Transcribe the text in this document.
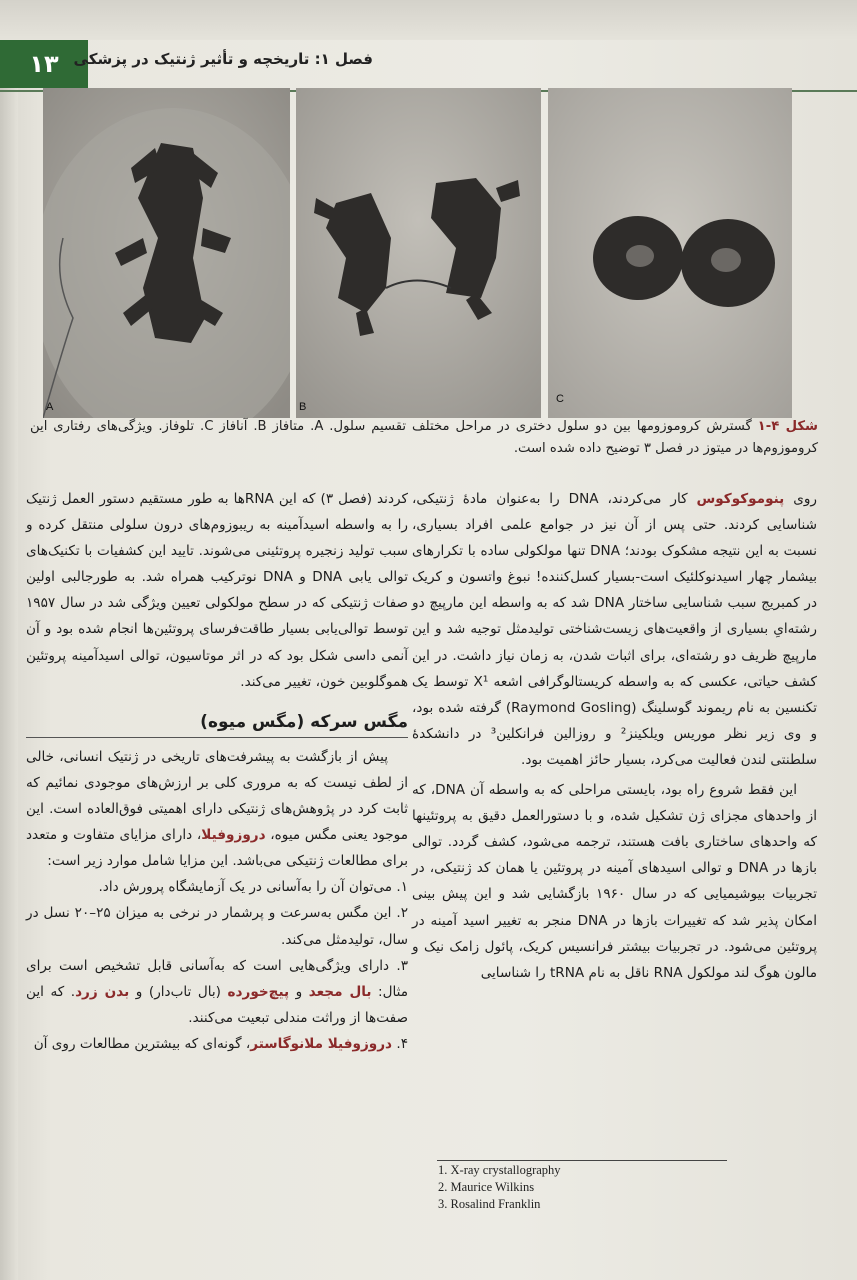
۱۳ فصل ۱: تاریخچه و تأثیر ژنتیک در پزشکی
A	B
C
شکل ۴-۱ گسترش کروموزومها بین دو سلول دختری در مراحل مختلف تقسیم سلول. A. متافاز B. آنافاز C. تلوفاز. ویژگی‌های رفتاری این کروموزوم‌ها در میتوز در فصل ۳ توضیح داده شده است.

روی پنوموکوکوس کار می‌کردند، DNA را به‌عنوان مادهٔ ژنتیکی، شناسایی کردند. حتی پس از آن نیز در جوامع علمی افراد بسیاری، نسبت به این نتیجه مشکوک بودند؛ DNA تنها مولکولی ساده با تکرارهای بیشمار چهار اسیدنوکلئیک است-بسیار کسل‌کننده! نبوغ واتسون و کریک در کمبریج سبب شناسایی ساختار DNA شد که به واسطه این مارپیچ دو رشته‌ایِ بسیاری از واقعیت‌های زیست‌شناختی تولیدمثل توجیه شد و این مارپیچ ظریف دو رشته‌ای، برای اثبات شدن، به زمان نیاز داشت. در این کشف حیاتی، عکسی که به واسطه کریستالوگرافی اشعه X¹ توسط یک تکنسین به نام ریموند گوسلینگ (Raymond Gosling) گرفته شده بود، و وی زیر نظر موریس ویلکینز² و روزالین فرانکلین³ در دانشکدهٔ سلطنتی لندن فعالیت می‌کرد، بسیار حائز اهمیت بود.

این فقط شروع راه بود، بایستی مراحلی که به واسطه آن DNA، که از واحدهای مجزای ژن تشکیل شده، و با دستورالعمل دقیق به پروتئینها که واحدهای ساختاری بافت هستند، ترجمه می‌شود، کشف گردد. توالی بازها در DNA و توالی اسیدهای آمینه در پروتئین یا همان کد ژنتیکی، در تجربیات بیوشیمیایی که در سال ۱۹۶۰ بازگشایی شد و این پیش بینی امکان پذیر شد که تغییرات بازها در DNA منجر به تغییر اسید آمینه در پروتئین می‌شود. در تجربیات بیشتر فرانسیس کریک، پائول زامک نیک و مالون هوگ لند مولکول RNA ناقل به نام tRNA را شناسایی

کردند (فصل ۳) که این RNAها به طور مستقیم دستور العمل ژنتیک را به واسطه اسیدآمینه به ریبوزوم‌های درون سلولی منتقل کرده و سبب تولید زنجیره پروتئینی می‌شوند. تایید این کشفیات با تکنیک‌های توالی یابی DNA و DNA نوترکیب همراه شد. به طورجالبی اولین صفات ژنتیکی که در سطح مولکولی تعیین ویژگی شد در سال ۱۹۵۷ توسط توالی‌یابی بسیار طاقت‌فرسای پروتئین‌ها انجام شده بود و آن آنمی داسی شکل بود که در اثر موتاسیون، توالی اسیدآمینه پروتئین هموگلوبین خون، تغییر می‌کند.

مگس سرکه (مگس میوه)

پیش از بازگشت به پیشرفت‌های تاریخی در ژنتیک انسانی، خالی از لطف نیست که به مروری کلی بر ارزش‌های موجودی نمائیم که ثابت کرد در پژوهش‌های ژنتیکی دارای اهمیتی فوق‌العاده است. این موجود یعنی مگس میوه، دروزوفیلا، دارای مزایای متفاوت و متعدد برای مطالعات ژنتیکی می‌باشد. این مزایا شامل موارد زیر است:

۱. می‌توان آن را به‌آسانی در یک آزمایشگاه پرورش داد.

۲. این مگس به‌سرعت و پرشمار در نرخی به میزان ۲۵–۲۰ نسل در سال، تولیدمثل می‌کند.

۳. دارای ویژگی‌هایی است که به‌آسانی قابل تشخیص است برای مثال: بال مجعد و پیچ‌خورده (بال تاب‌دار) و بدن زرد. که این صفت‌ها از وراثت مندلی تبعیت می‌کنند.

۴. دروزوفیلا ملانوگاستر، گونه‌ای که بیشترین مطالعات روی آن

1. X-ray crystallography
2. Maurice Wilkins
3. Rosalind Franklin
